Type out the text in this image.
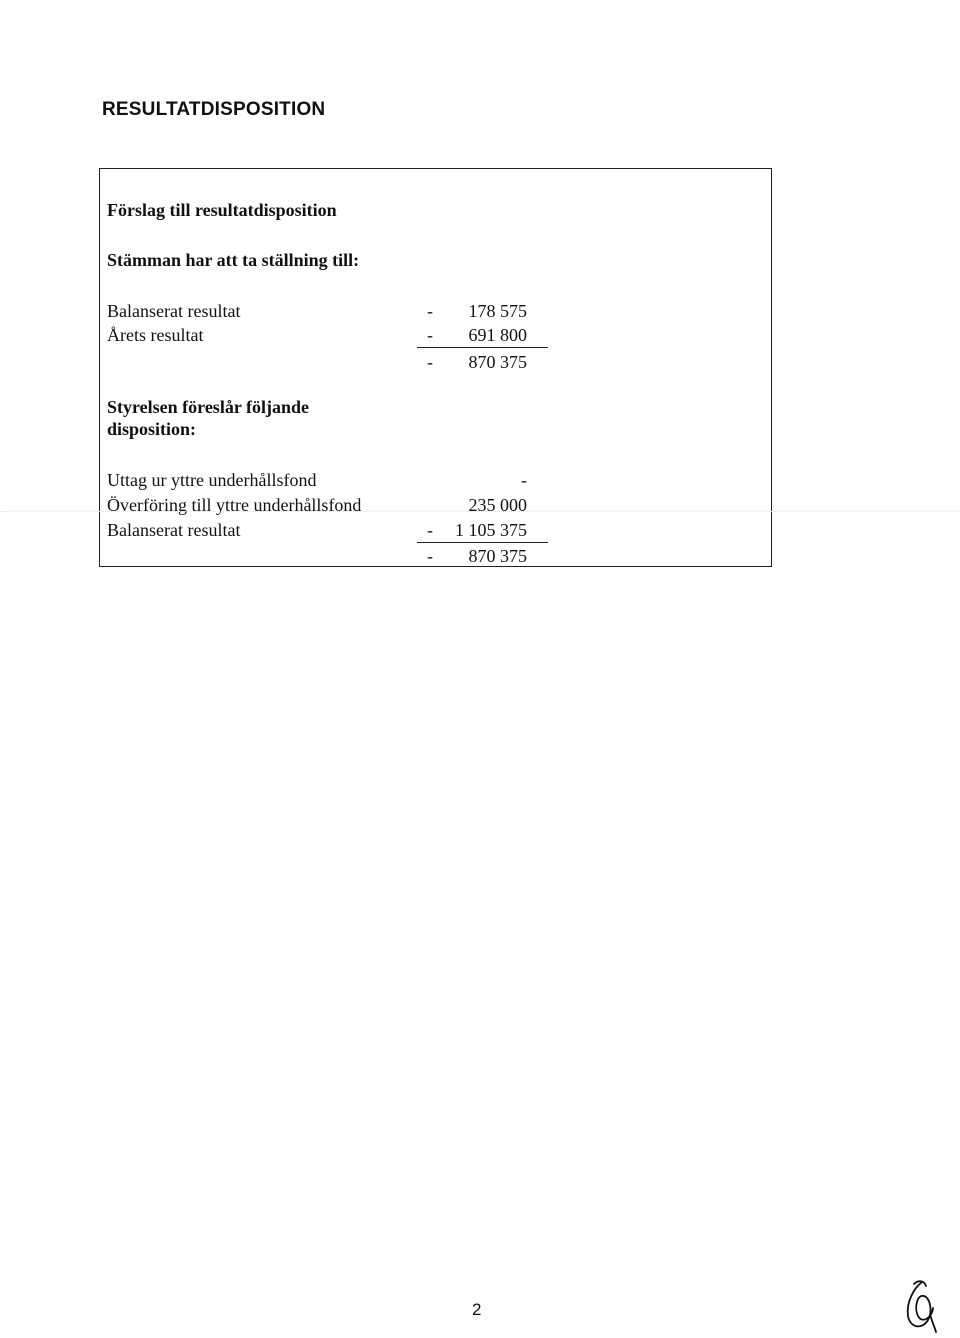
RESULTATDISPOSITION
Förslag till resultatdisposition
Stämman har att ta ställning till:
Balanserat resultat	-	178 575
Årets resultat	-	691 800
-	870 375
Styrelsen föreslår följande
disposition:
Uttag ur yttre underhållsfond	-
Överföring till yttre underhållsfond	235 000
Balanserat resultat	-	1 105 375
-	870 375
2
